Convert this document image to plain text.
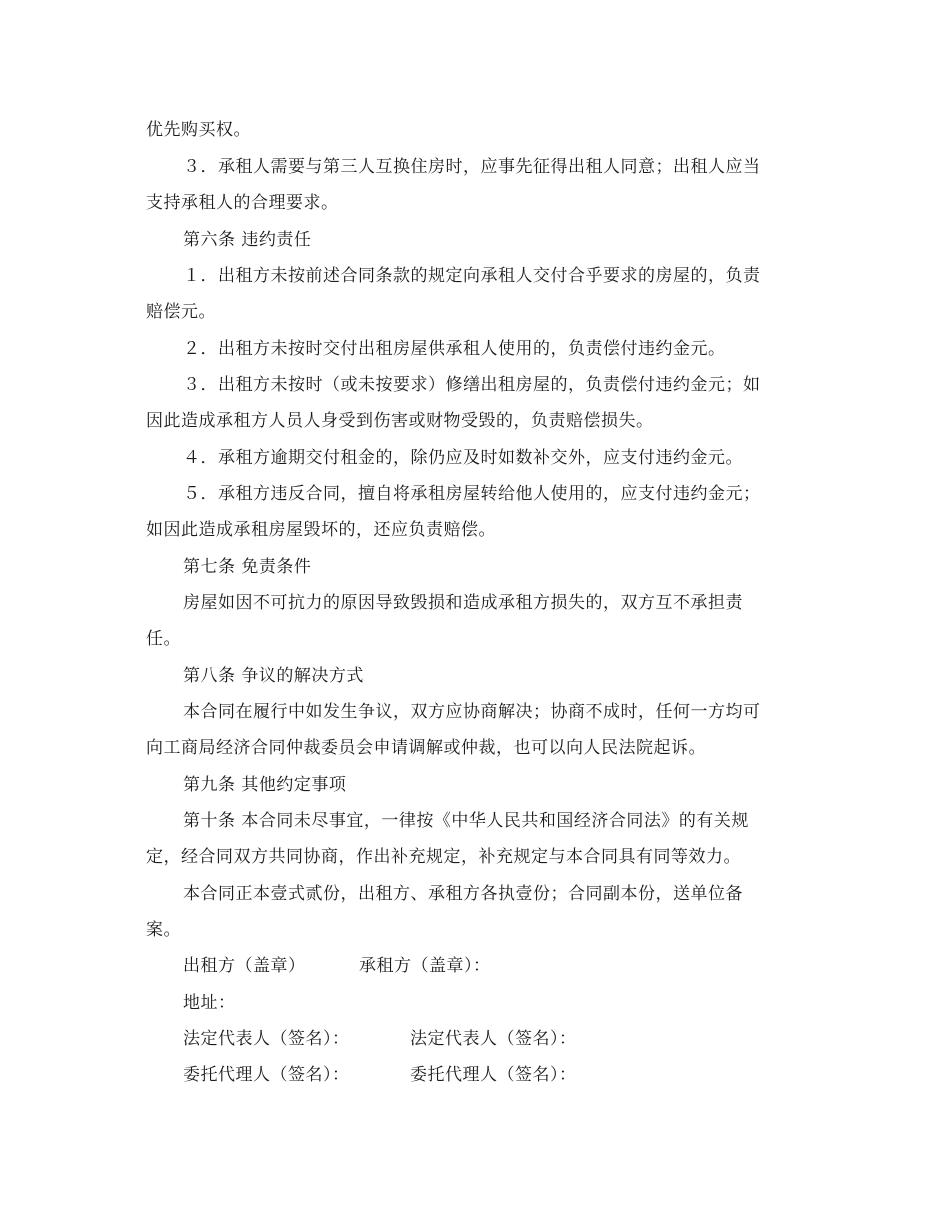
优先购买权。

３．承租人需要与第三人互换住房时，应事先征得出租人同意；出租人应当

支持承租人的合理要求。

第六条 违约责任

１．出租方未按前述合同条款的规定向承租人交付合乎要求的房屋的，负责

赔偿元。

２．出租方未按时交付出租房屋供承租人使用的，负责偿付违约金元。

３．出租方未按时（或未按要求）修缮出租房屋的，负责偿付违约金元；如

因此造成承租方人员人身受到伤害或财物受毁的，负责赔偿损失。

４．承租方逾期交付租金的，除仍应及时如数补交外，应支付违约金元。

５．承租方违反合同，擅自将承租房屋转给他人使用的，应支付违约金元；

如因此造成承租房屋毁坏的，还应负责赔偿。

第七条 免责条件

房屋如因不可抗力的原因导致毁损和造成承租方损失的，双方互不承担责

任。

第八条 争议的解决方式

本合同在履行中如发生争议，双方应协商解决；协商不成时，任何一方均可

向工商局经济合同仲裁委员会申请调解或仲裁，也可以向人民法院起诉。

第九条 其他约定事项

第十条 本合同未尽事宜，一律按《中华人民共和国经济合同法》的有关规

定，经合同双方共同协商，作出补充规定，补充规定与本合同具有同等效力。

本合同正本壹式贰份，出租方、承租方各执壹份；合同副本份，送单位备

案。

出租方（盖章）	承租方（盖章）：

地址：

法定代表人（签名）：	法定代表人（签名）：

委托代理人（签名）：	委托代理人（签名）：
